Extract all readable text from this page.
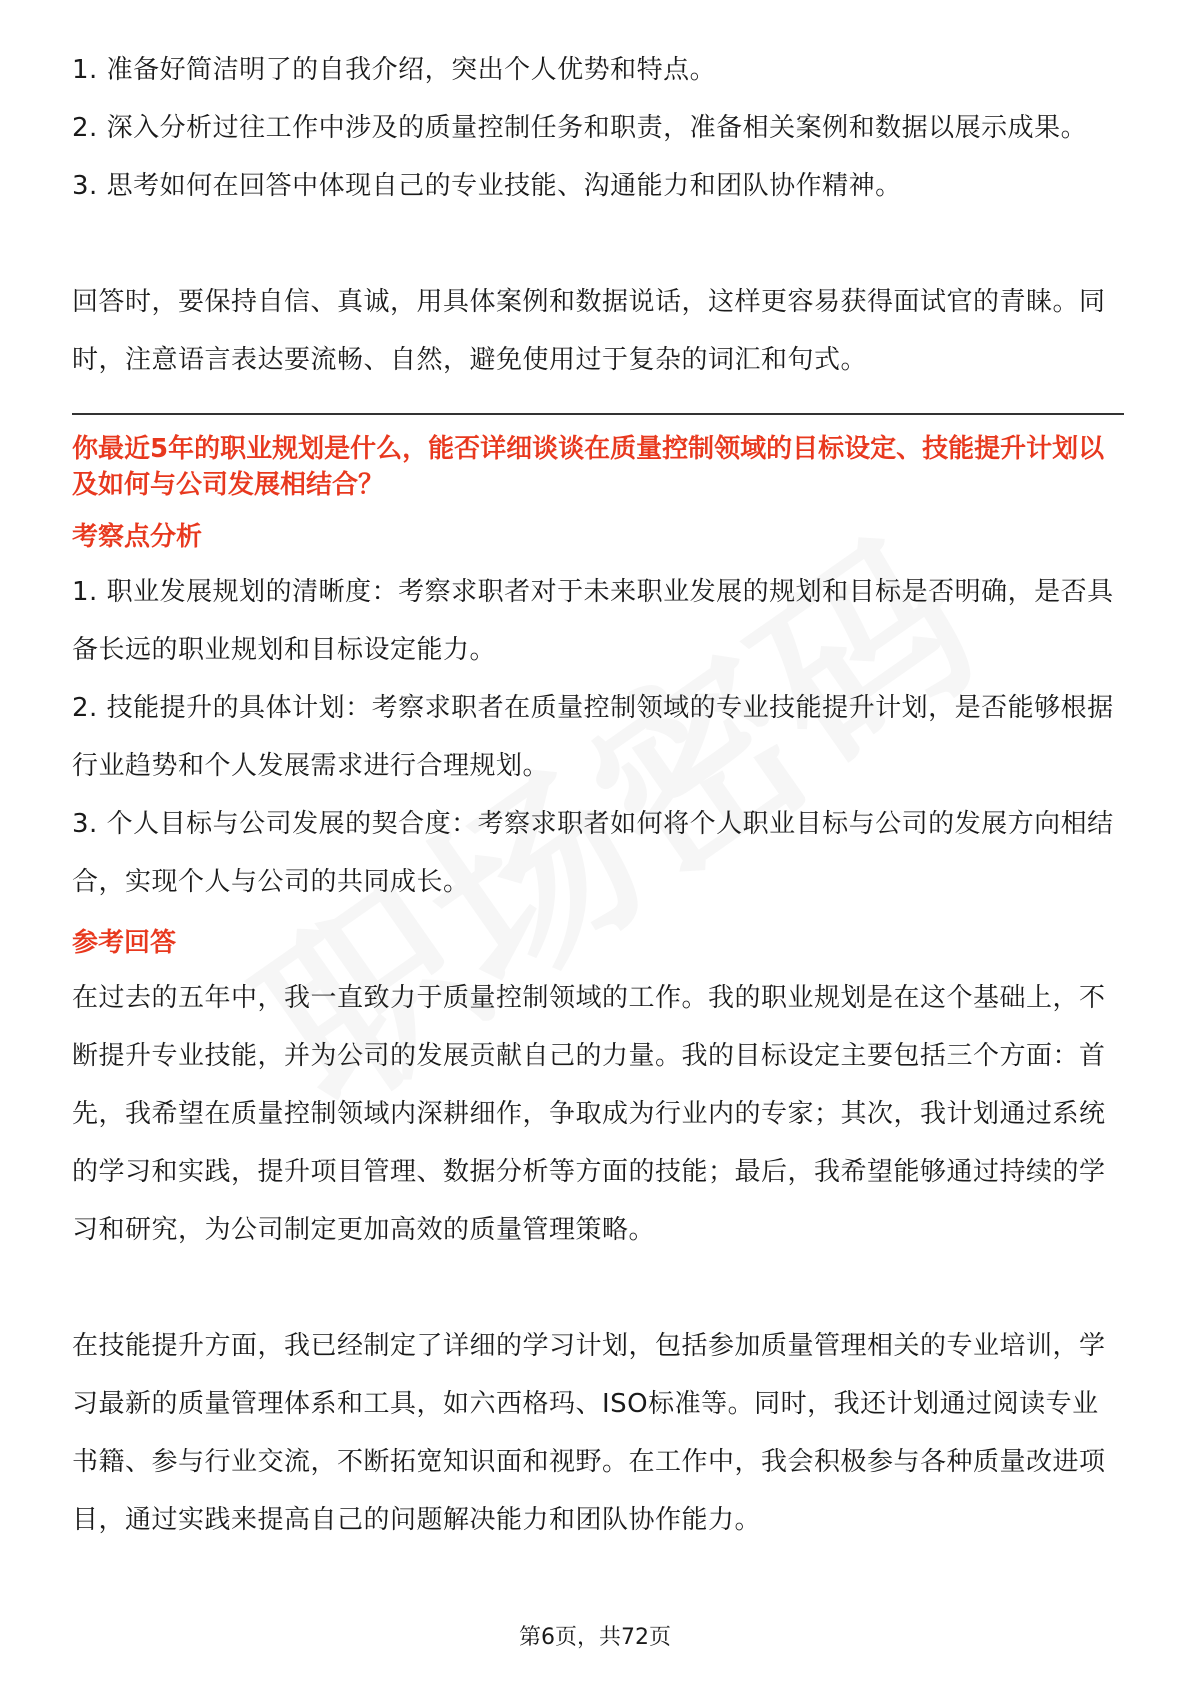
1. 准备好简洁明了的自我介绍，突出个人优势和特点。

2. 深入分析过往工作中涉及的质量控制任务和职责，准备相关案例和数据以展示成果。

3. 思考如何在回答中体现自己的专业技能、沟通能力和团队协作精神。

回答时，要保持自信、真诚，用具体案例和数据说话，这样更容易获得面试官的青睐。同时，注意语言表达要流畅、自然，避免使用过于复杂的词汇和句式。

你最近5年的职业规划是什么，能否详细谈谈在质量控制领域的目标设定、技能提升计划以及如何与公司发展相结合？

考察点分析

1. 职业发展规划的清晰度：考察求职者对于未来职业发展的规划和目标是否明确，是否具备长远的职业规划和目标设定能力。

2. 技能提升的具体计划：考察求职者在质量控制领域的专业技能提升计划，是否能够根据行业趋势和个人发展需求进行合理规划。

3. 个人目标与公司发展的契合度：考察求职者如何将个人职业目标与公司的发展方向相结合，实现个人与公司的共同成长。

参考回答

在过去的五年中，我一直致力于质量控制领域的工作。我的职业规划是在这个基础上，不断提升专业技能，并为公司的发展贡献自己的力量。我的目标设定主要包括三个方面：首先，我希望在质量控制领域内深耕细作，争取成为行业内的专家；其次，我计划通过系统的学习和实践，提升项目管理、数据分析等方面的技能；最后，我希望能够通过持续的学习和研究，为公司制定更加高效的质量管理策略。

在技能提升方面，我已经制定了详细的学习计划，包括参加质量管理相关的专业培训，学习最新的质量管理体系和工具，如六西格玛、ISO标准等。同时，我还计划通过阅读专业书籍、参与行业交流，不断拓宽知识面和视野。在工作中，我会积极参与各种质量改进项目，通过实践来提高自己的问题解决能力和团队协作能力。

第6页，共72页
